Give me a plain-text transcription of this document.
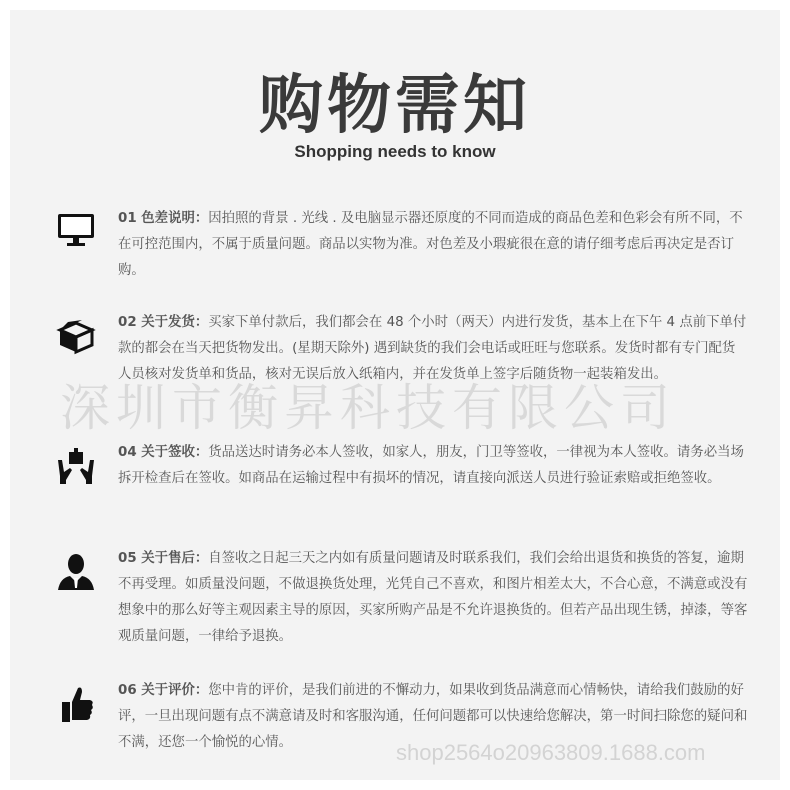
购物需知
Shopping needs to know
01 色差说明：因拍照的背景 . 光线 . 及电脑显示器还原度的不同而造成的商品色差和色彩会有所不同，不在可控范围内，不属于质量问题。商品以实物为准。对色差及小瑕疵很在意的请仔细考虑后再决定是否订购。
02 关于发货：买家下单付款后，我们都会在 48 个小时（两天）内进行发货，基本上在下午 4 点前下单付款的都会在当天把货物发出。(星期天除外) 遇到缺货的我们会电话或旺旺与您联系。发货时都有专门配货人员核对发货单和货品，核对无误后放入纸箱内，并在发货单上签字后随货物一起装箱发出。
04 关于签收：货品送达时请务必本人签收，如家人，朋友，门卫等签收，一律视为本人签收。请务必当场拆开检查后在签收。如商品在运输过程中有损坏的情况，请直接向派送人员进行验证索赔或拒绝签收。
05 关于售后：自签收之日起三天之内如有质量问题请及时联系我们，我们会给出退货和换货的答复，逾期不再受理。如质量没问题，不做退换货处理，光凭自己不喜欢，和图片相差太大，不合心意，不满意或没有想象中的那么好等主观因素主导的原因，买家所购产品是不允许退换货的。但若产品出现生锈，掉漆，等客观质量问题，一律给予退换。
06 关于评价：您中肯的评价，是我们前进的不懈动力，如果收到货品满意而心情畅快，请给我们鼓励的好评，一旦出现问题有点不满意请及时和客服沟通，任何问题都可以快速给您解决，第一时间扫除您的疑问和不满，还您一个愉悦的心情。
深圳市衡昇科技有限公司
shop2564o20963809.1688.com
